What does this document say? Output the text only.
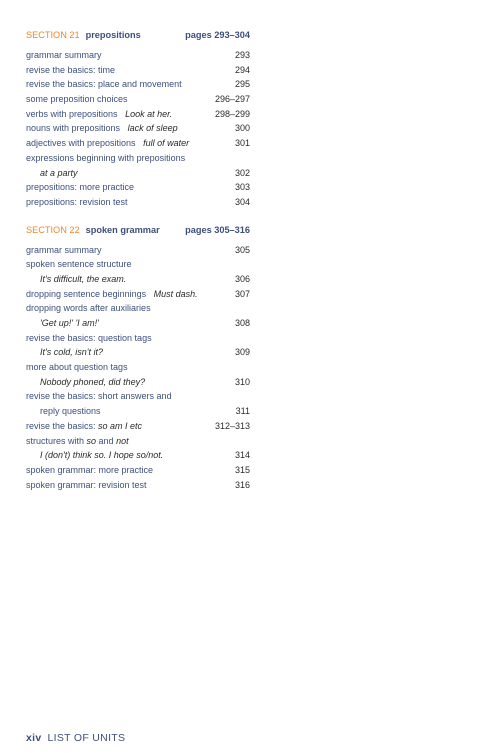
SECTION 21 prepositions	pages 293–304
grammar summary	293
revise the basics: time	294
revise the basics: place and movement	295
some preposition choices	296–297
verbs with prepositions Look at her.	298–299
nouns with prepositions lack of sleep	300
adjectives with prepositions full of water	301
expressions beginning with prepositions
at a party	302
prepositions: more practice	303
prepositions: revision test	304
SECTION 22 spoken grammar	pages 305–316
grammar summary	305
spoken sentence structure
It's difficult, the exam.	306
dropping sentence beginnings Must dash.	307
dropping words after auxiliaries
'Get up!' 'I am!'	308
revise the basics: question tags
It's cold, isn't it?	309
more about question tags
Nobody phoned, did they?	310
revise the basics: short answers and
reply questions	311
revise the basics: so am I etc	312–313
structures with so and not
I (don't) think so. I hope so/not.	314
spoken grammar: more practice	315
spoken grammar: revision test	316
xiv LIST OF UNITS
